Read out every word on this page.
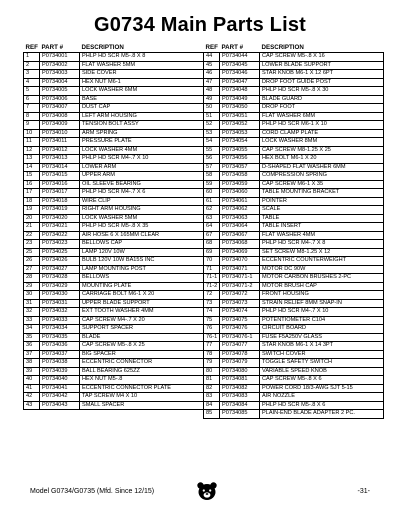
G0734 Main Parts List
REF	PART #	DESCRIPTION
1	P0734001	PHLP HD SCR M5-.8 X 8
2	P0734002	FLAT WASHER 5MM
3	P0734003	SIDE COVER
4	P0734004	HEX NUT M6-1
5	P0734005	LOCK WASHER 6MM
6	P0734006	BASE
7	P0734007	DUST CAP
8	P0734008	LEFT ARM HOUSING
9	P0734009	TENSION BOLT ASSY
10	P0734010	ARM SPRING
11	P0734011	PRESSURE PLATE
12	P0734012	LOCK WASHER 4MM
13	P0734013	PHLP HD SCR M4-.7 X 10
14	P0734014	LOWER ARM
15	P0734015	UPPER ARM
16	P0734016	OIL SLEEVE BEARING
17	P0734017	PHLP HD SCR M4-.7 X 6
18	P0734018	WIRE CLIP
19	P0734019	RIGHT ARM HOUSING
20	P0734020	LOCK WASHER 5MM
21	P0734021	PHLP HD SCR M5-.8 X 35
22	P0734022	AIR HOSE 6 X 165MM CLEAR
23	P0734023	BELLOWS CAP
25	P0734025	LAMP 120V 10W
26	P0734026	BULB 120V 10W BA15S INC
27	P0734027	LAMP MOUNTING POST
28	P0734028	BELLOWS
29	P0734029	MOUNTING PLATE
30	P0734030	CARRIAGE BOLT M6-1 X 20
31	P0734031	UPPER BLADE SUPPORT
32	P0734032	EXT TOOTH WASHER 4MM
33	P0734033	CAP SCREW M4-.7 X 20
34	P0734034	SUPPORT SPACER
35	P0734035	BLADE
36	P0734036	CAP SCREW M5-.8 X 25
37	P0734037	BIG SPACER
38	P0734038	ECCENTRIC CONNECTOR
39	P0734039	BALL BEARING 625ZZ
40	P0734040	HEX NUT M5-.8
41	P0734041	ECCENTRIC CONNECTOR PLATE
42	P0734042	TAP SCREW M4 X 10
43	P0734043	SMALL SPACER
REF	PART #	DESCRIPTION
44	P0734044	CAP SCREW M5-.8 X 16
45	P0734045	LOWER BLADE SUPPORT
46	P0734046	STAR KNOB M6-1 X 12 6PT
47	P0734047	DROP FOOT GUIDE POST
48	P0734048	PHLP HD SCR M5-.8 X 30
49	P0734049	BLADE GUARD
50	P0734050	DROP FOOT
51	P0734051	FLAT WASHER 6MM
52	P0734052	PHLP HD SCR M6-1 X 10
53	P0734053	CORD CLAMP PLATE
54	P0734054	LOCK WASHER 8MM
55	P0734055	CAP SCREW M8-1.25 X 25
56	P0734056	HEX BOLT M6-1 X 20
57	P0734057	D-SHAPED FLAT WASHER 6MM
58	P0734058	COMPRESSION SPRING
59	P0734059	CAP SCREW M6-1 X 35
60	P0734060	TABLE MOUNTING BRACKET
61	P0734061	POINTER
62	P0734062	SCALE
63	P0734063	TABLE
64	P0734064	TABLE INSERT
67	P0734067	FLAT WASHER 4MM
68	P0734068	PHLP HD SCR M4-.7 X 8
69	P0734069	SET SCREW M8-1.25 X 12
70	P0734070	ECCENTRIC COUNTERWEIGHT
71	P0734071	MOTOR DC 90W
71-1	P0734071-1	MOTOR CARBON BRUSHES 2-PC
71-2	P0734071-2	MOTOR BRUSH CAP
72	P0734072	FRONT HOUSING
73	P0734073	STRAIN RELIEF 8MM SNAP-IN
74	P0734074	PHLP HD SCR M4-.7 X 10
75	P0734075	POTENTIOMETER C104
76	P0734076	CIRCUIT BOARD
76-1	P0734076-1	FUSE F5A250V GLASS
77	P0734077	STAR KNOB M6-1 X 14 3PT
78	P0734078	SWITCH COVER
79	P0734079	TOGGLE SAFETY SWITCH
80	P0734080	VARIABLE SPEED KNOB
81	P0734081	CAP SCREW M5-.8 X 6
82	P0734082	POWER CORD 18/3-AWG SJT 5-15
83	P0734083	AIR NOZZLE
84	P0734084	PHLP HD SCR M5-.8 X 6
85	P0734085	PLAIN-END BLADE ADAPTER 2 PC.
Model G0734/G0735 (Mfd. Since 12/15)	-31-
